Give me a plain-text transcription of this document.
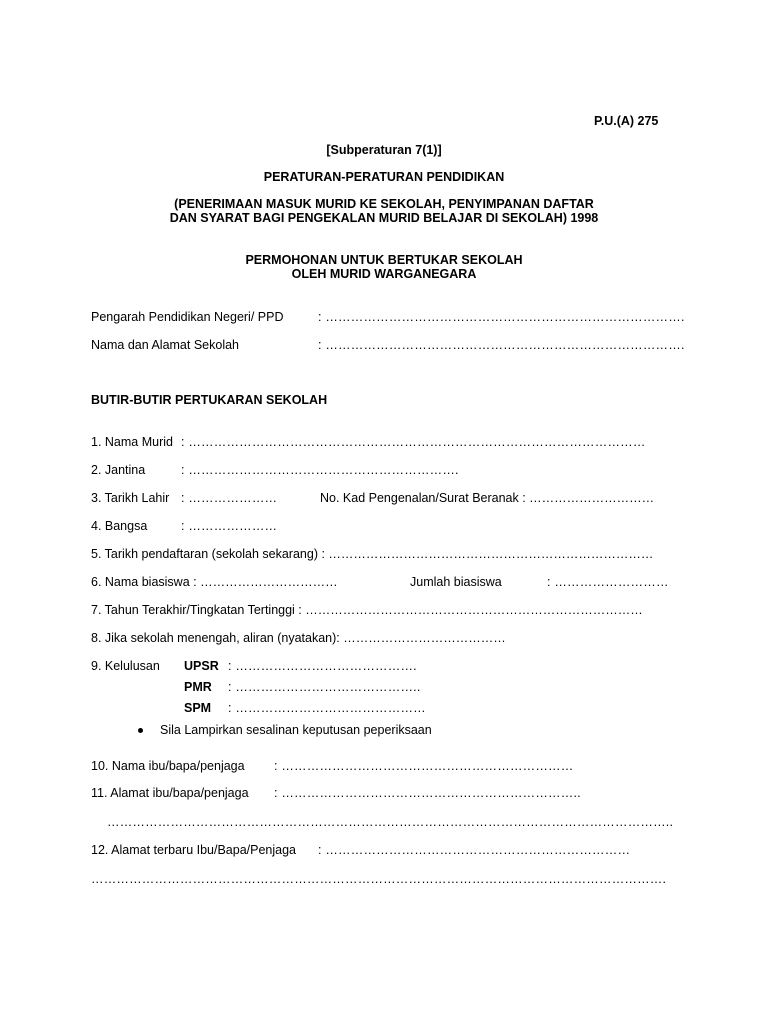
P.U.(A) 275
[Subperaturan 7(1)]
PERATURAN-PERATURAN PENDIDIKAN
(PENERIMAAN MASUK MURID KE SEKOLAH, PENYIMPANAN DAFTAR
DAN SYARAT BAGI PENGEKALAN MURID BELAJAR DI SEKOLAH) 1998
PERMOHONAN UNTUK BERTUKAR SEKOLAH
OLEH MURID WARGANEGARA
Pengarah Pendidikan Negeri/ PPD	: ………………………………………………………………………….
Nama dan Alamat Sekolah	: ………………………………………………………………………….
BUTIR-BUTIR PERTUKARAN SEKOLAH
1. Nama Murid : ………………………………………………………………………………………………
2. Jantina	: ……………………………………………………….
3. Tarikh Lahir : …………………	No. Kad Pengenalan/Surat Beranak : …………………………
4. Bangsa	: …………………
5. Tarikh pendaftaran (sekolah sekarang) : ……………………………………………………………………
6. Nama biasiswa : ……………………………	Jumlah biasiswa	: ………………………
7. Tahun Terakhir/Tingkatan Tertinggi : ………………………………………………………………………
8. Jika sekolah menengah, aliran (nyatakan): …………………………………
9. Kelulusan UPSR : …………………………………….
PMR : ……………………………………..
SPM : ………………………………………
Sila Lampirkan sesalinan keputusan peperiksaan
10. Nama ibu/bapa/penjaga : ……………………………………………………………
11. Alamat ibu/bapa/penjaga : ……………………………………………………………..
……………………………………………………………………………………………………………………..
12. Alamat terbaru Ibu/Bapa/Penjaga : ………………………………………………………………
……………………………………………………………………………………………………………………….
